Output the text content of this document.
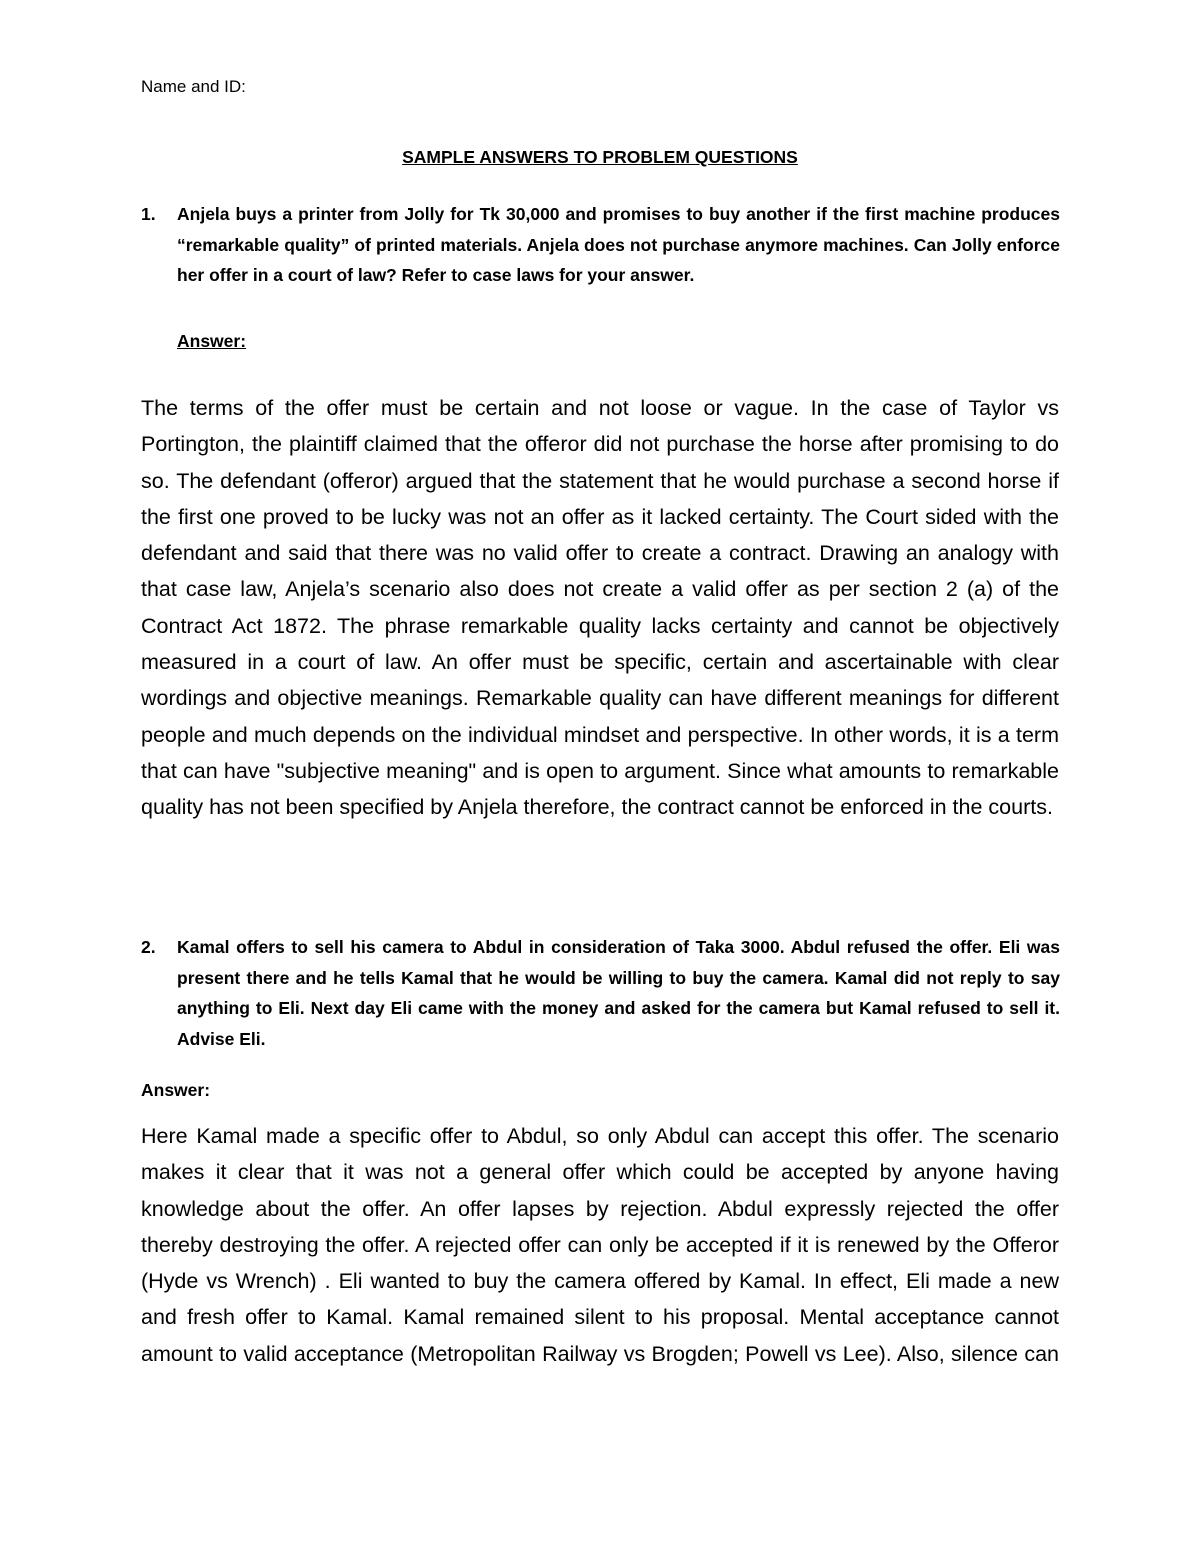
Name and ID:
SAMPLE ANSWERS TO PROBLEM QUESTIONS
1. Anjela buys a printer from Jolly for Tk 30,000 and promises to buy another if the first machine produces “remarkable quality” of printed materials. Anjela does not purchase anymore machines. Can Jolly enforce her offer in a court of law? Refer to case laws for your answer.
Answer:
The terms of the offer must be certain and not loose or vague. In the case of Taylor vs Portington, the plaintiff claimed that the offeror did not purchase the horse after promising to do so. The defendant (offeror) argued that the statement that he would purchase a second horse if the first one proved to be lucky was not an offer as it lacked certainty. The Court sided with the defendant and said that there was no valid offer to create a contract. Drawing an analogy with that case law, Anjela’s scenario also does not create a valid offer as per section 2 (a) of the Contract Act 1872. The phrase remarkable quality lacks certainty and cannot be objectively measured in a court of law. An offer must be specific, certain and ascertainable with clear wordings and objective meanings. Remarkable quality can have different meanings for different people and much depends on the individual mindset and perspective. In other words, it is a term that can have "subjective meaning" and is open to argument. Since what amounts to remarkable quality has not been specified by Anjela therefore, the contract cannot be enforced in the courts.
2. Kamal offers to sell his camera to Abdul in consideration of Taka 3000. Abdul refused the offer. Eli was present there and he tells Kamal that he would be willing to buy the camera. Kamal did not reply to say anything to Eli. Next day Eli came with the money and asked for the camera but Kamal refused to sell it. Advise Eli.
Answer:
Here Kamal made a specific offer to Abdul, so only Abdul can accept this offer. The scenario makes it clear that it was not a general offer which could be accepted by anyone having knowledge about the offer. An offer lapses by rejection. Abdul expressly rejected the offer thereby destroying the offer. A rejected offer can only be accepted if it is renewed by the Offeror (Hyde vs Wrench) . Eli wanted to buy the camera offered by Kamal. In effect, Eli made a new and fresh offer to Kamal. Kamal remained silent to his proposal. Mental acceptance cannot amount to valid acceptance (Metropolitan Railway vs Brogden; Powell vs Lee). Also, silence can
